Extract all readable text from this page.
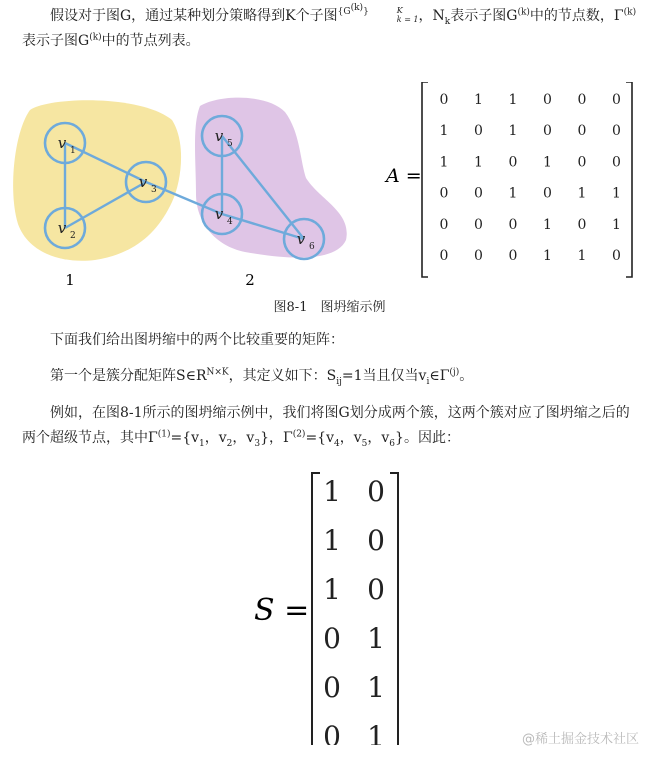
假设对于图G，通过某种划分策略得到K个子图$^{\{G^{(k)}\}}$	K
k = 1 ，$N_k$表示子图$G^{(k)}$中的节点数，$\Gamma^{(k)}$表示子图$G^{(k)}$中的节点列表。
v 1
v 2
v 3
v 4
v 5
v 6
1	2
A =
0 1 1 0 0 0
1 0 1 0 0 0
1 1 0 1 0 0
0 0 1 0 1 1
0 0 0 1 0 1
0 0 0 1 1 0
图8-1　图坍缩示例
下面我们给出图坍缩中的两个比较重要的矩阵：
第一个是簇分配矩阵$S\in R^{N\times K}$，其定义如下：$S_{ij}=1$当且仅当$v_i\in\Gamma^{(j)}$。
例如，在图8-1所示的图坍缩示例中，我们将图G划分成两个簇，这两个簇对应了图坍缩之后的两个超级节点，其中$\Gamma^{(1)}=\{v_1$，$v_2$，$v_3$}，$\Gamma^{(2)}=\{v_4$，$v_5$，$v_6$}。因此：
S =
1 0
1 0
1 0
0 1
0 1
0 1	@稀土掘金技术社区
